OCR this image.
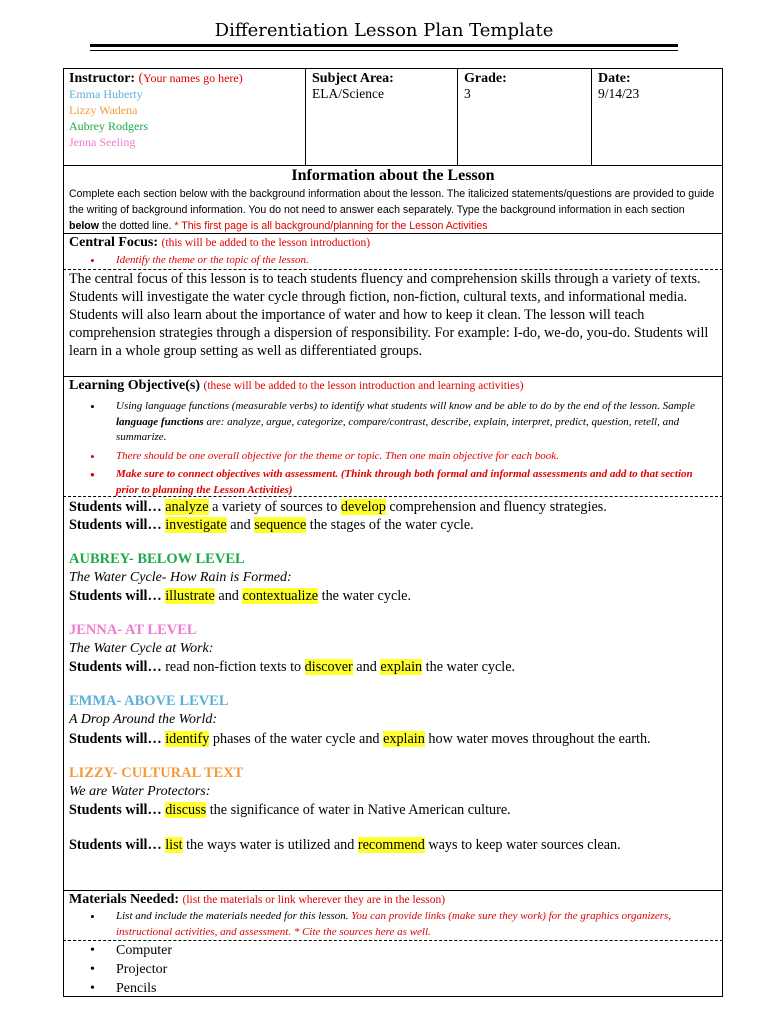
Differentiation Lesson Plan Template
Instructor: (Your names go here)
Emma Huberty
Lizzy Wadena
Aubrey Rodgers
Jenna Seeling
Subject Area:
ELA/Science
Grade:
3
Date:
9/14/23
Information about the Lesson
Complete each section below with the background information about the lesson. The italicized statements/questions are provided to guide the writing of background information. You do not need to answer each separately. Type the background information in each section below the dotted line. * This first page is all background/planning for the Lesson Activities
Central Focus: (this will be added to the lesson introduction)
• Identify the theme or the topic of the lesson.
The central focus of this lesson is to teach students fluency and comprehension skills through a variety of texts. Students will investigate the water cycle through fiction, non-fiction, cultural texts, and informational media. Students will also learn about the importance of water and how to keep it clean. The lesson will teach comprehension strategies through a dispersion of responsibility. For example: I-do, we-do, you-do. Students will learn in a whole group setting as well as differentiated groups.
Learning Objective(s) (these will be added to the lesson introduction and learning activities)
• Using language functions (measurable verbs) to identify what students will know and be able to do by the end of the lesson. Sample language functions are: analyze, argue, categorize, compare/contrast, describe, explain, interpret, predict, question, retell, and summarize.
• There should be one overall objective for the theme or topic. Then one main objective for each book.
• Make sure to connect objectives with assessment. (Think through both formal and informal assessments and add to that section prior to planning the Lesson Activities)
Students will… analyze a variety of sources to develop comprehension and fluency strategies.
Students will… investigate and sequence the stages of the water cycle.
AUBREY- BELOW LEVEL
The Water Cycle- How Rain is Formed:
Students will… illustrate and contextualize the water cycle.
JENNA- AT LEVEL
The Water Cycle at Work:
Students will… read non-fiction texts to discover and explain the water cycle.
EMMA- ABOVE LEVEL
A Drop Around the World:
Students will… identify phases of the water cycle and explain how water moves throughout the earth.
LIZZY- CULTURAL TEXT
We are Water Protectors:
Students will… discuss the significance of water in Native American culture.
Students will… list the ways water is utilized and recommend ways to keep water sources clean.
Materials Needed: (list the materials or link wherever they are in the lesson)
• List and include the materials needed for this lesson. You can provide links (make sure they work) for the graphics organizers, instructional activities, and assessment. * Cite the sources here as well.
• Computer
• Projector
• Pencils
